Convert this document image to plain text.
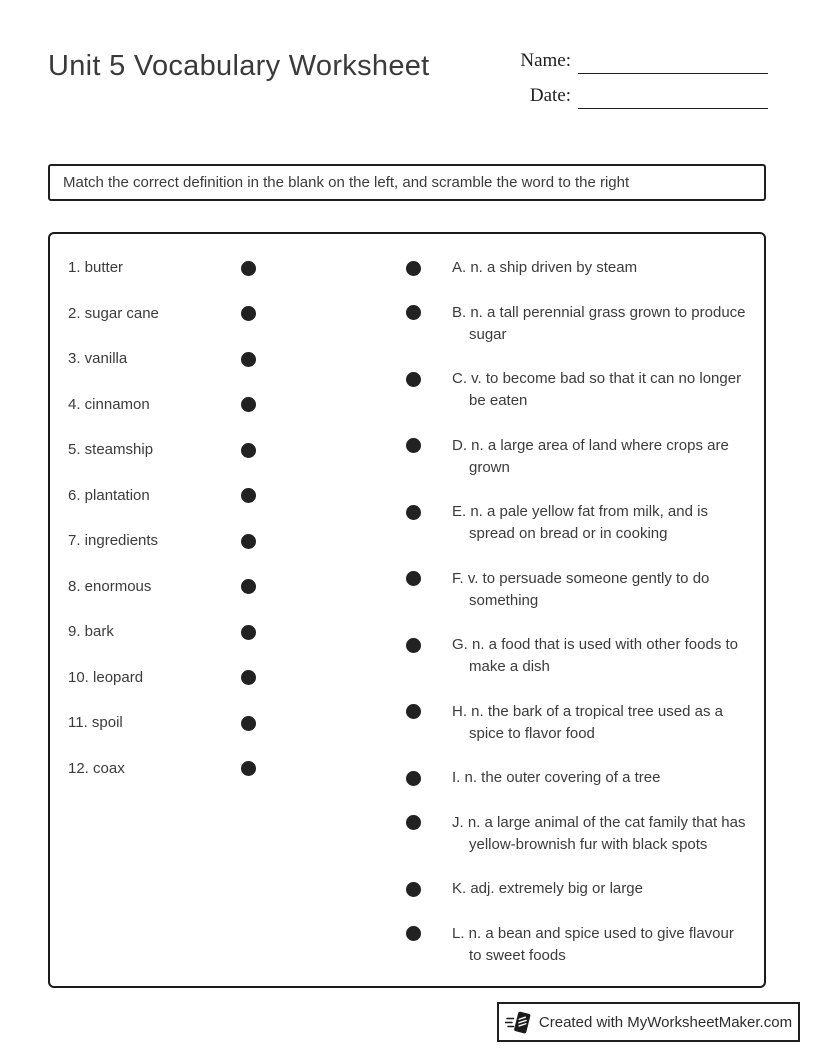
Unit 5 Vocabulary Worksheet	Name:
Date:
Match the correct definition in the blank on the left, and scramble the word to the right
1. butter
2. sugar cane
3. vanilla
4. cinnamon
5. steamship
6. plantation
7. ingredients
8. enormous
9. bark
10. leopard
11. spoil
12. coax
A. n. a ship driven by steam
B. n. a tall perennial grass grown to produce sugar
C. v. to become bad so that it can no longer be eaten
D. n. a large area of land where crops are grown
E. n. a pale yellow fat from milk, and is spread on bread or in cooking
F. v. to persuade someone gently to do something
G. n. a food that is used with other foods to make a dish
H. n. the bark of a tropical tree used as a spice to flavor food
I. n. the outer covering of a tree
J. n. a large animal of the cat family that has yellow-brownish fur with black spots
K. adj. extremely big or large
L. n. a bean and spice used to give flavour to sweet foods
Created with MyWorksheetMaker.com
